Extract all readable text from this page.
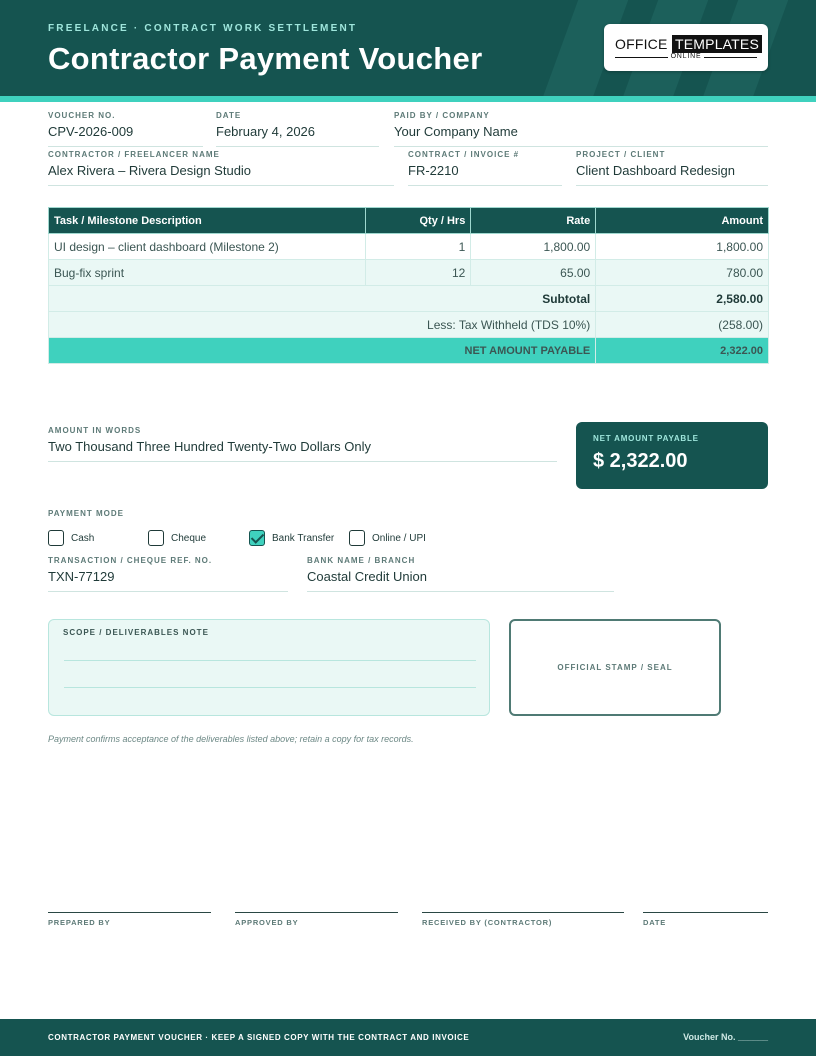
FREELANCE · CONTRACT WORK SETTLEMENT
Contractor Payment Voucher	OFFICE TEMPLATES
ONLINE
VOUCHER NO.
CPV-2026-009
DATE
February 4, 2026
PAID BY / COMPANY
Your Company Name
CONTRACTOR / FREELANCER NAME
Alex Rivera – Rivera Design Studio
CONTRACT / INVOICE #
FR-2210
PROJECT / CLIENT
Client Dashboard Redesign
Task / Milestone Description	Qty / Hrs	Rate	Amount
UI design – client dashboard (Milestone 2)	1	1,800.00	1,800.00
Bug-fix sprint	12	65.00	780.00
Subtotal			2,580.00
Less: Tax Withheld (TDS 10%)			(258.00)
NET AMOUNT PAYABLE			2,322.00
AMOUNT IN WORDS
Two Thousand Three Hundred Twenty-Two Dollars Only
NET AMOUNT PAYABLE
$ 2,322.00
PAYMENT MODE
Cash	Cheque	Bank Transfer	Online / UPI
TRANSACTION / CHEQUE REF. NO.
TXN-77129
BANK NAME / BRANCH
Coastal Credit Union
SCOPE / DELIVERABLES NOTE
OFFICIAL STAMP / SEAL
Payment confirms acceptance of the deliverables listed above; retain a copy for tax records.
PREPARED BY	APPROVED BY	RECEIVED BY (CONTRACTOR)	DATE
CONTRACTOR PAYMENT VOUCHER · KEEP A SIGNED COPY WITH THE CONTRACT AND INVOICE	Voucher No. ______
